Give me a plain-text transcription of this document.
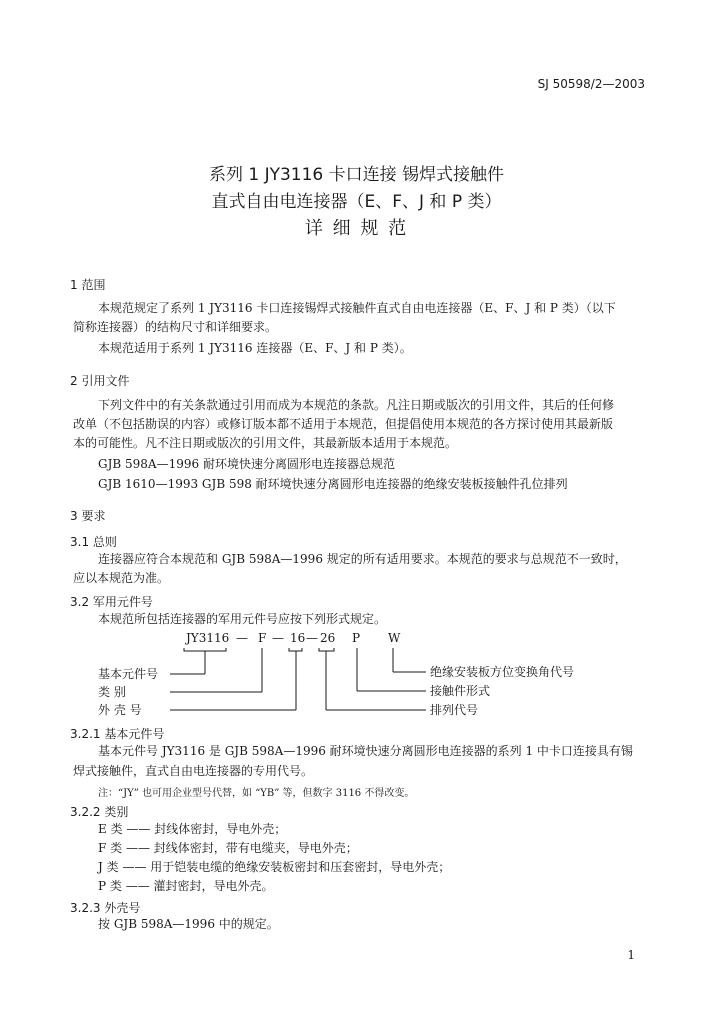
SJ 50598/2—2003
系列 1 JY3116 卡口连接 锡焊式接触件
直式自由电连接器（E、F、J 和 P 类）
详 细 规 范
1 范围
本规范规定了系列 1 JY3116 卡口连接锡焊式接触件直式自由电连接器（E、F、J 和 P 类）（以下
简称连接器）的结构尺寸和详细要求。
本规范适用于系列 1 JY3116 连接器（E、F、J 和 P 类）。
2 引用文件
下列文件中的有关条款通过引用而成为本规范的条款。凡注日期或版次的引用文件，其后的任何修
改单（不包括勘误的内容）或修订版本都不适用于本规范，但提倡使用本规范的各方探讨使用其最新版
本的可能性。凡不注日期或版次的引用文件，其最新版本适用于本规范。
GJB 598A—1996 耐环境快速分离圆形电连接器总规范
GJB 1610—1993 GJB 598 耐环境快速分离圆形电连接器的绝缘安装板接触件孔位排列
3 要求
3.1 总则
连接器应符合本规范和 GJB 598A—1996 规定的所有适用要求。本规范的要求与总规范不一致时，
应以本规范为准。
3.2 军用元件号
本规范所包括连接器的军用元件号应按下列形式规定。
JY3116 — F — 16 — 26 P W
基本元件号
类 别
外 壳 号
绝缘安装板方位变换角代号
接触件形式
排列代号
3.2.1 基本元件号
基本元件号 JY3116 是 GJB 598A—1996 耐环境快速分离圆形电连接器的系列 1 中卡口连接具有锡
焊式接触件，直式自由电连接器的专用代号。
注：“JY” 也可用企业型号代替，如 “YB” 等，但数字 3116 不得改变。
3.2.2 类别
E 类 —— 封线体密封，导电外壳；
F 类 —— 封线体密封，带有电缆夹，导电外壳；
J 类 —— 用于铠装电缆的绝缘安装板密封和压套密封，导电外壳；
P 类 —— 灌封密封，导电外壳。
3.2.3 外壳号
按 GJB 598A—1996 中的规定。
1
